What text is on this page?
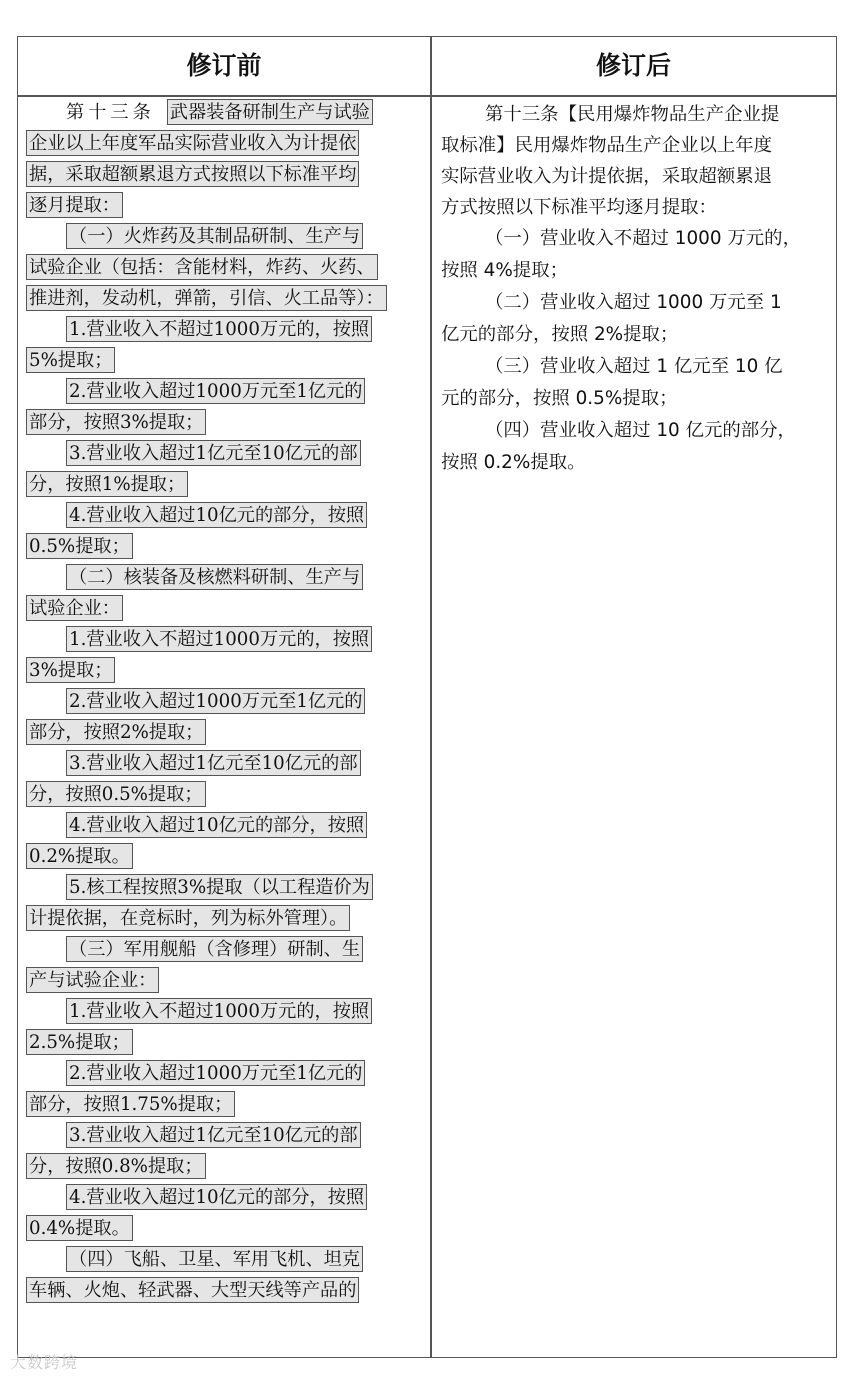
修订前	修订后
第十三条 武器装备研制生产与试验
企业以上年度军品实际营业收入为计提依
据，采取超额累退方式按照以下标准平均
逐月提取：
（一）火炸药及其制品研制、生产与
试验企业（包括：含能材料，炸药、火药、
推进剂，发动机，弹箭，引信、火工品等）：
1.营业收入不超过1000万元的，按照
5%提取；
2.营业收入超过1000万元至1亿元的
部分，按照3%提取；
3.营业收入超过1亿元至10亿元的部
分，按照1%提取；
4.营业收入超过10亿元的部分，按照
0.5%提取；
（二）核装备及核燃料研制、生产与
试验企业：
1.营业收入不超过1000万元的，按照
3%提取；
2.营业收入超过1000万元至1亿元的
部分，按照2%提取；
3.营业收入超过1亿元至10亿元的部
分，按照0.5%提取；
4.营业收入超过10亿元的部分，按照
0.2%提取。
5.核工程按照3%提取（以工程造价为
计提依据，在竞标时，列为标外管理）。
（三）军用舰船（含修理）研制、生
产与试验企业：
1.营业收入不超过1000万元的，按照
2.5%提取；
2.营业收入超过1000万元至1亿元的
部分，按照1.75%提取；
3.营业收入超过1亿元至10亿元的部
分，按照0.8%提取；
4.营业收入超过10亿元的部分，按照
0.4%提取。
（四）飞船、卫星、军用飞机、坦克
车辆、火炮、轻武器、大型天线等产品的
第十三条【民用爆炸物品生产企业提
取标准】民用爆炸物品生产企业以上年度
实际营业收入为计提依据，采取超额累退
方式按照以下标准平均逐月提取：
（一）营业收入不超过 1000 万元的，
按照 4%提取；
（二）营业收入超过 1000 万元至 1
亿元的部分，按照 2%提取；
（三）营业收入超过 1 亿元至 10 亿
元的部分，按照 0.5%提取；
（四）营业收入超过 10 亿元的部分，
按照 0.2%提取。
大数跨境
